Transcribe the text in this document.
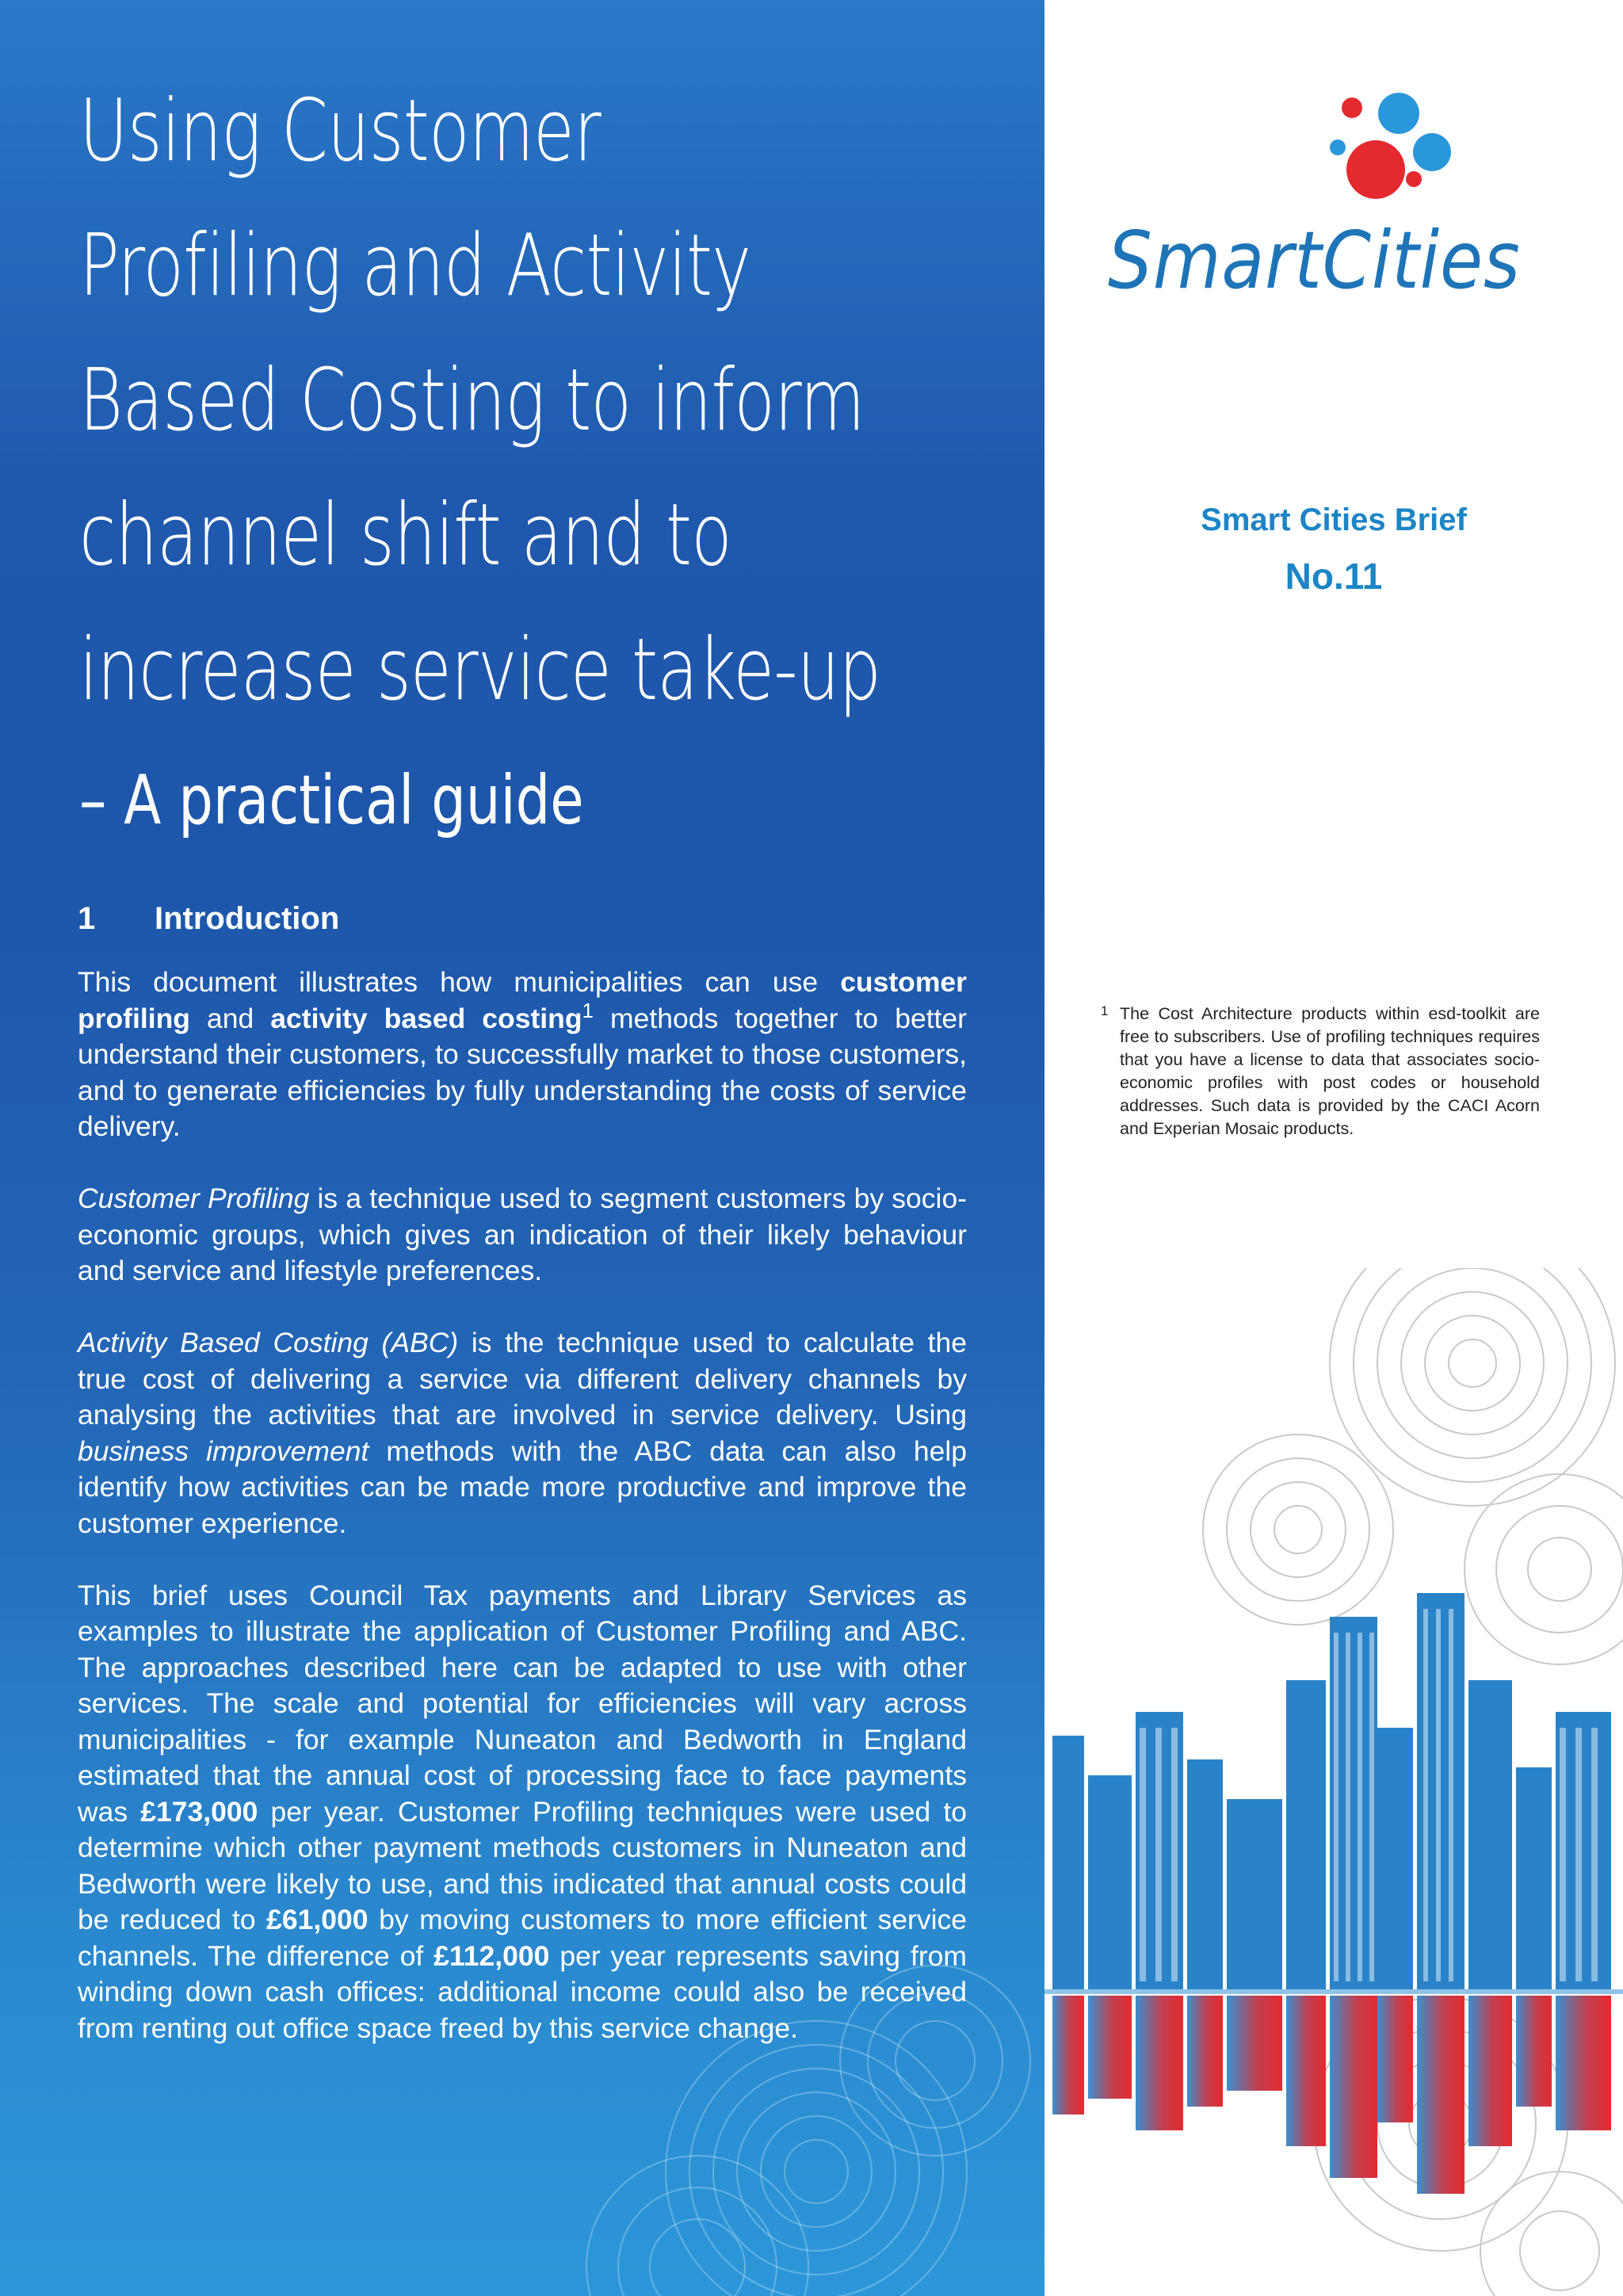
Using Customer
Profiling and Activity
Based Costing to inform
channel shift and to
increase service take-up
– A practical guide
1 Introduction

This document illustrates how municipalities can use customer profiling and activity based costing$^1$ methods together to better understand their customers, to successfully market to those customers, and to generate efficiencies by fully understanding the costs of service delivery.

Customer Profiling is a technique used to segment customers by socio-economic groups, which gives an indication of their likely behaviour and service and lifestyle preferences.

Activity Based Costing (ABC) is the technique used to calculate the true cost of delivering a service via different delivery channels by analysing the activities that are involved in service delivery. Using business improvement methods with the ABC data can also help identify how activities can be made more productive and improve the customer experience.

This brief uses Council Tax payments and Library Services as examples to illustrate the application of Customer Profiling and ABC. The approaches described here can be adapted to use with other services. The scale and potential for efficiencies will vary across municipalities - for example Nuneaton and Bedworth in England estimated that the annual cost of processing face to face payments was £173,000 per year. Customer Profiling techniques were used to determine which other payment methods customers in Nuneaton and Bedworth were likely to use, and this indicated that annual costs could be reduced to £61,000 by moving customers to more efficient service channels. The difference of £112,000 per year represents saving from winding down cash offices: additional income could also be received from renting out office space freed by this service change.

SmartCities
Smart Cities Brief
No.11
1 The Cost Architecture products within esd-toolkit are free to subscribers. Use of profiling techniques requires that you have a license to data that associates socio-economic profiles with post codes or household addresses. Such data is provided by the CACI Acorn and Experian Mosaic products.
